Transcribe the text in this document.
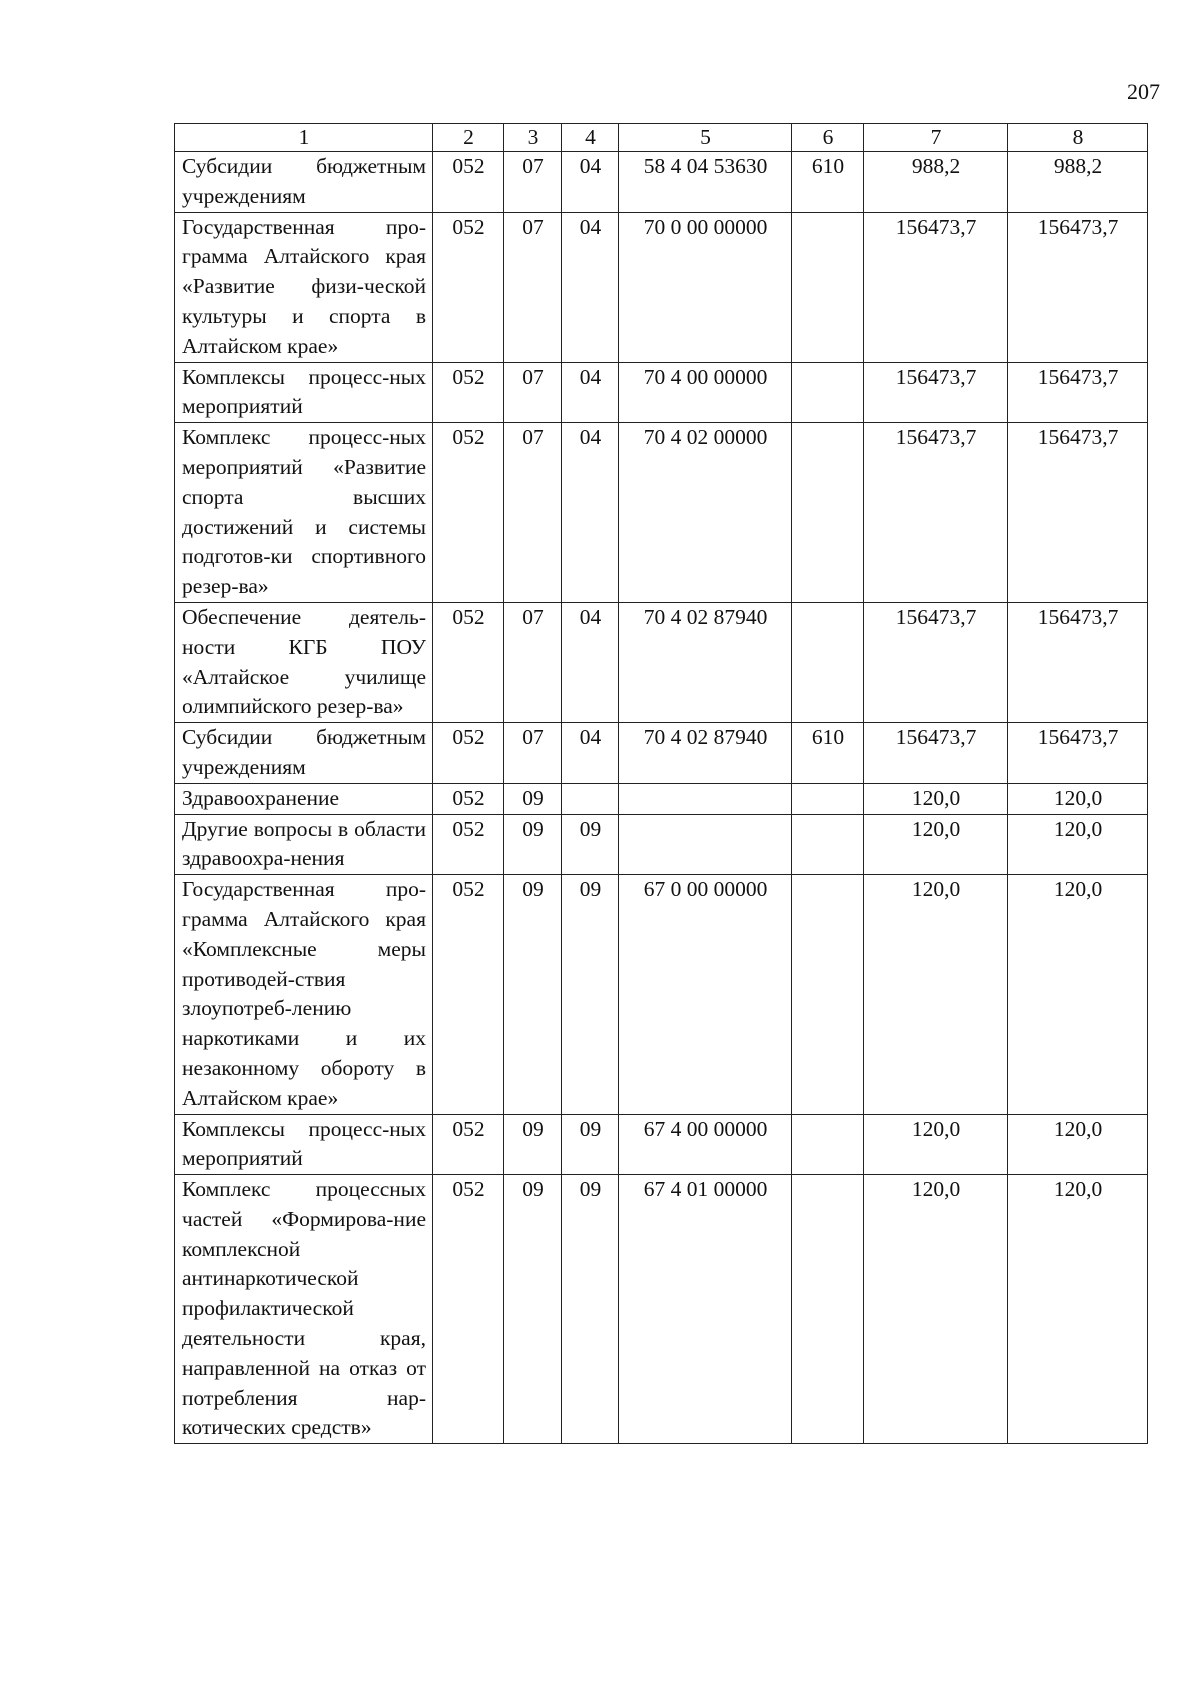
207
1	2	3	4	5	6	7	8
Субсидии бюджетным учреждениям	052	07	04	58 4 04 53630	610	988,2	988,2
Государственная про-грамма Алтайского края «Развитие физи-ческой культуры и спорта в Алтайском крае»	052	07	04	70 0 00 00000		156473,7	156473,7
Комплексы процесс-ных мероприятий	052	07	04	70 4 00 00000		156473,7	156473,7
Комплекс процесс-ных мероприятий «Развитие спорта высших достижений и системы подготов-ки спортивного резер-ва»	052	07	04	70 4 02 00000		156473,7	156473,7
Обеспечение деятель-ности КГБ ПОУ «Алтайское училище олимпийского резер-ва»	052	07	04	70 4 02 87940		156473,7	156473,7
Субсидии бюджетным учреждениям	052	07	04	70 4 02 87940	610	156473,7	156473,7
Здравоохранение	052	09				120,0	120,0
Другие вопросы в области здравоохра-нения	052	09	09			120,0	120,0
Государственная про-грамма Алтайского края «Комплексные меры противодей-ствия злоупотреб-лению наркотиками и их незаконному обороту в Алтайском крае»	052	09	09	67 0 00 00000		120,0	120,0
Комплексы процесс-ных мероприятий	052	09	09	67 4 00 00000		120,0	120,0
Комплекс процессных частей «Формирова-ние комплексной антинаркотической профилактической деятельности края, направленной на отказ от потребления нар-котических средств»	052	09	09	67 4 01 00000		120,0	120,0
